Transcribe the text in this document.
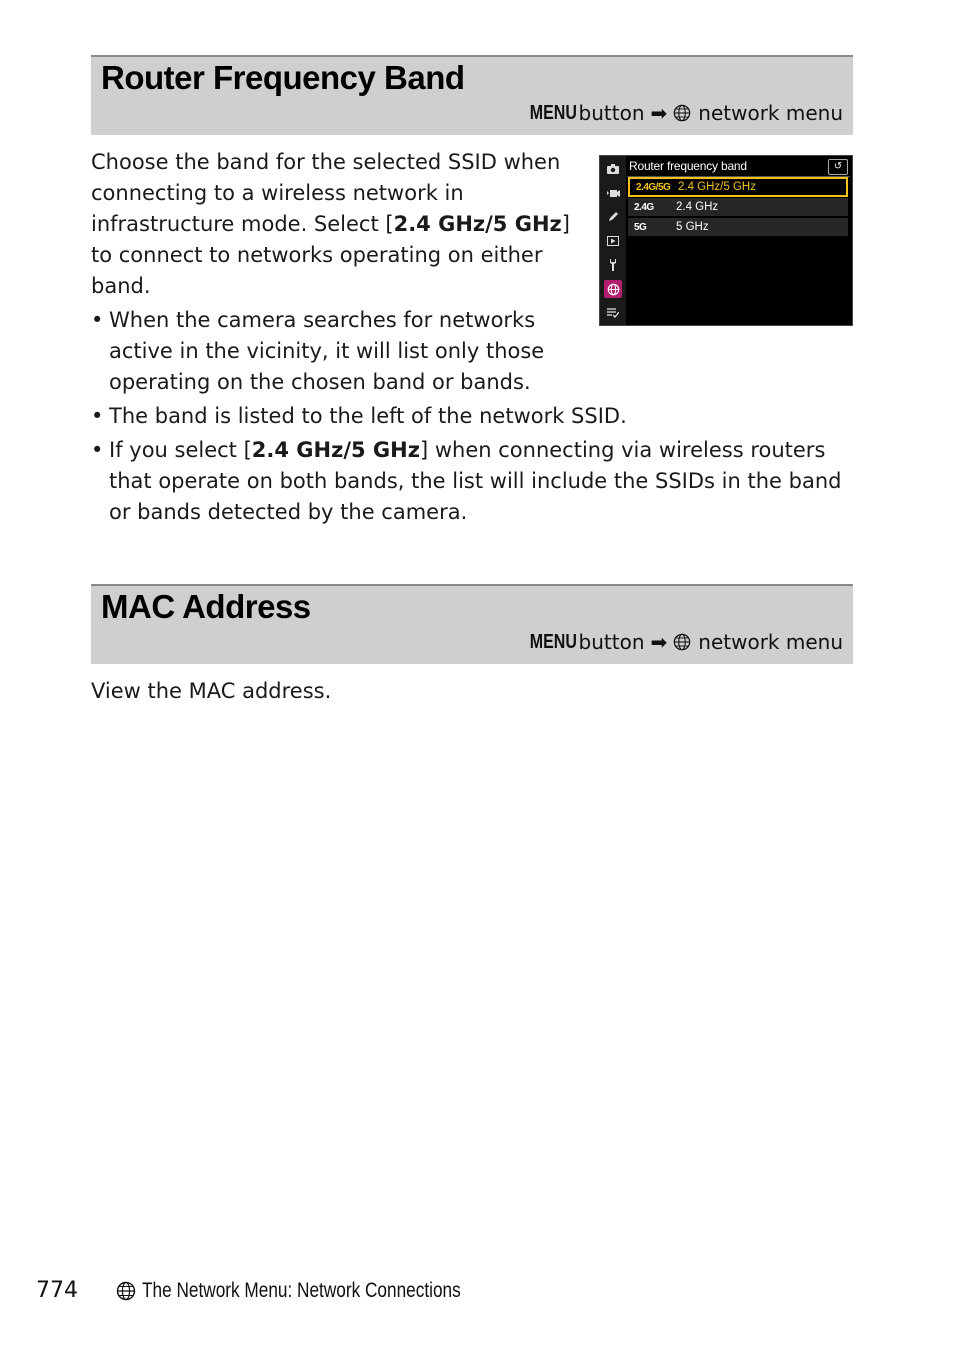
Router Frequency Band
MENU button ➡ network menu

Choose the band for the selected SSID when connecting to a wireless network in infrastructure mode. Select [2.4 GHz/5 GHz] to connect to networks operating on either band.

• When the camera searches for networks active in the vicinity, it will list only those operating on the chosen band or bands.

• The band is listed to the left of the network SSID.

• If you select [2.4 GHz/5 GHz] when connecting via wireless routers that operate on both bands, the list will include the SSIDs in the band or bands detected by the camera.

Router frequency band	↺
2.4G/5G 2.4 GHz/5 GHz
2.4G	2.4 GHz
5G	5 GHz
MAC Address
MENU button ➡ network menu

View the MAC address.

774	The Network Menu: Network Connections
